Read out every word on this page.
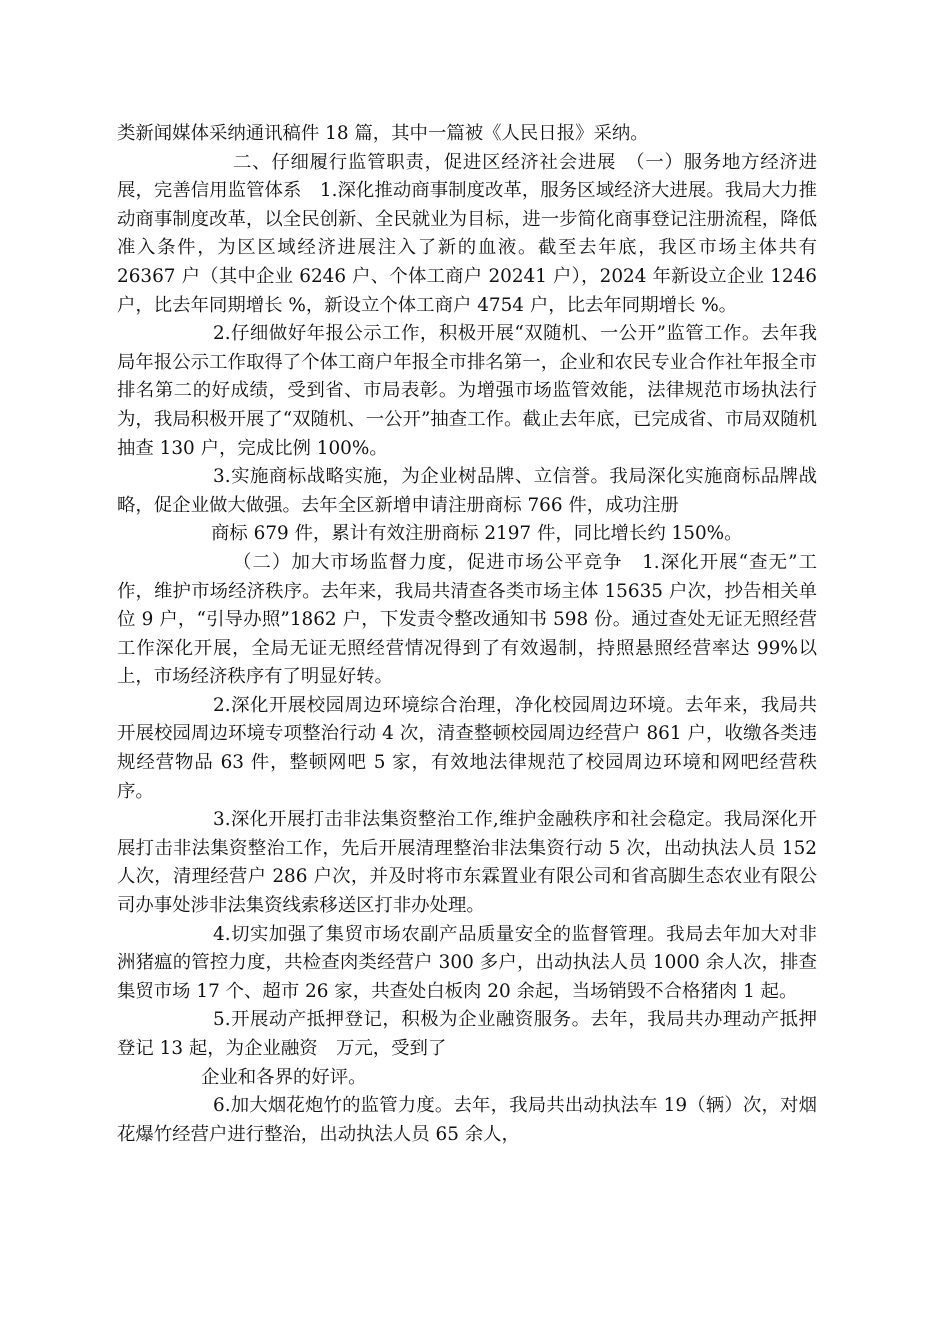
类新闻媒体采纳通讯稿件 18 篇，其中一篇被《人民日报》采纳。

二、仔细履行监管职责，促进区经济社会进展　（一）服务地方经济进展，完善信用监管体系　1.深化推动商事制度改革，服务区域经济大进展。我局大力推动商事制度改革，以全民创新、全民就业为目标，进一步简化商事登记注册流程，降低准入条件，为区区域经济进展注入了新的血液。截至去年底，我区市场主体共有 26367 户（其中企业 6246 户、个体工商户 20241 户），2024 年新设立企业 1246 户，比去年同期增长 %，新设立个体工商户 4754 户，比去年同期增长 %。

2.仔细做好年报公示工作，积极开展“双随机、一公开”监管工作。去年我局年报公示工作取得了个体工商户年报全市排名第一，企业和农民专业合作社年报全市排名第二的好成绩，受到省、市局表彰。为增强市场监管效能，法律规范市场执法行为，我局积极开展了“双随机、一公开”抽查工作。截止去年底，已完成省、市局双随机抽查 130 户，完成比例 100%。

3.实施商标战略实施，为企业树品牌、立信誉。我局深化实施商标品牌战略，促企业做大做强。去年全区新增申请注册商标 766 件，成功注册

商标 679 件，累计有效注册商标 2197 件，同比增长约 150%。

（二）加大市场监督力度，促进市场公平竞争　1.深化开展“查无”工作，维护市场经济秩序。去年来，我局共清查各类市场主体 15635 户次，抄告相关单位 9 户，“引导办照”1862 户，下发责令整改通知书 598 份。通过查处无证无照经营工作深化开展，全局无证无照经营情况得到了有效遏制，持照悬照经营率达 99%以上，市场经济秩序有了明显好转。

2.深化开展校园周边环境综合治理，净化校园周边环境。去年来，我局共开展校园周边环境专项整治行动 4 次，清查整顿校园周边经营户 861 户，收缴各类违规经营物品 63 件，整顿网吧 5 家，有效地法律规范了校园周边环境和网吧经营秩序。

3.深化开展打击非法集资整治工作,维护金融秩序和社会稳定。我局深化开展打击非法集资整治工作，先后开展清理整治非法集资行动 5 次，出动执法人员 152 人次，清理经营户 286 户次，并及时将市东霖置业有限公司和省高脚生态农业有限公司办事处涉非法集资线索移送区打非办处理。

4.切实加强了集贸市场农副产品质量安全的监督管理。我局去年加大对非洲猪瘟的管控力度，共检查肉类经营户 300 多户，出动执法人员 1000 余人次，排查集贸市场 17 个、超市 26 家，共查处白板肉 20 余起，当场销毁不合格猪肉 1 起。

5.开展动产抵押登记，积极为企业融资服务。去年，我局共办理动产抵押登记 13 起，为企业融资　万元，受到了

企业和各界的好评。

6.加大烟花炮竹的监管力度。去年，我局共出动执法车 19（辆）次，对烟花爆竹经营户进行整治，出动执法人员 65 余人，
